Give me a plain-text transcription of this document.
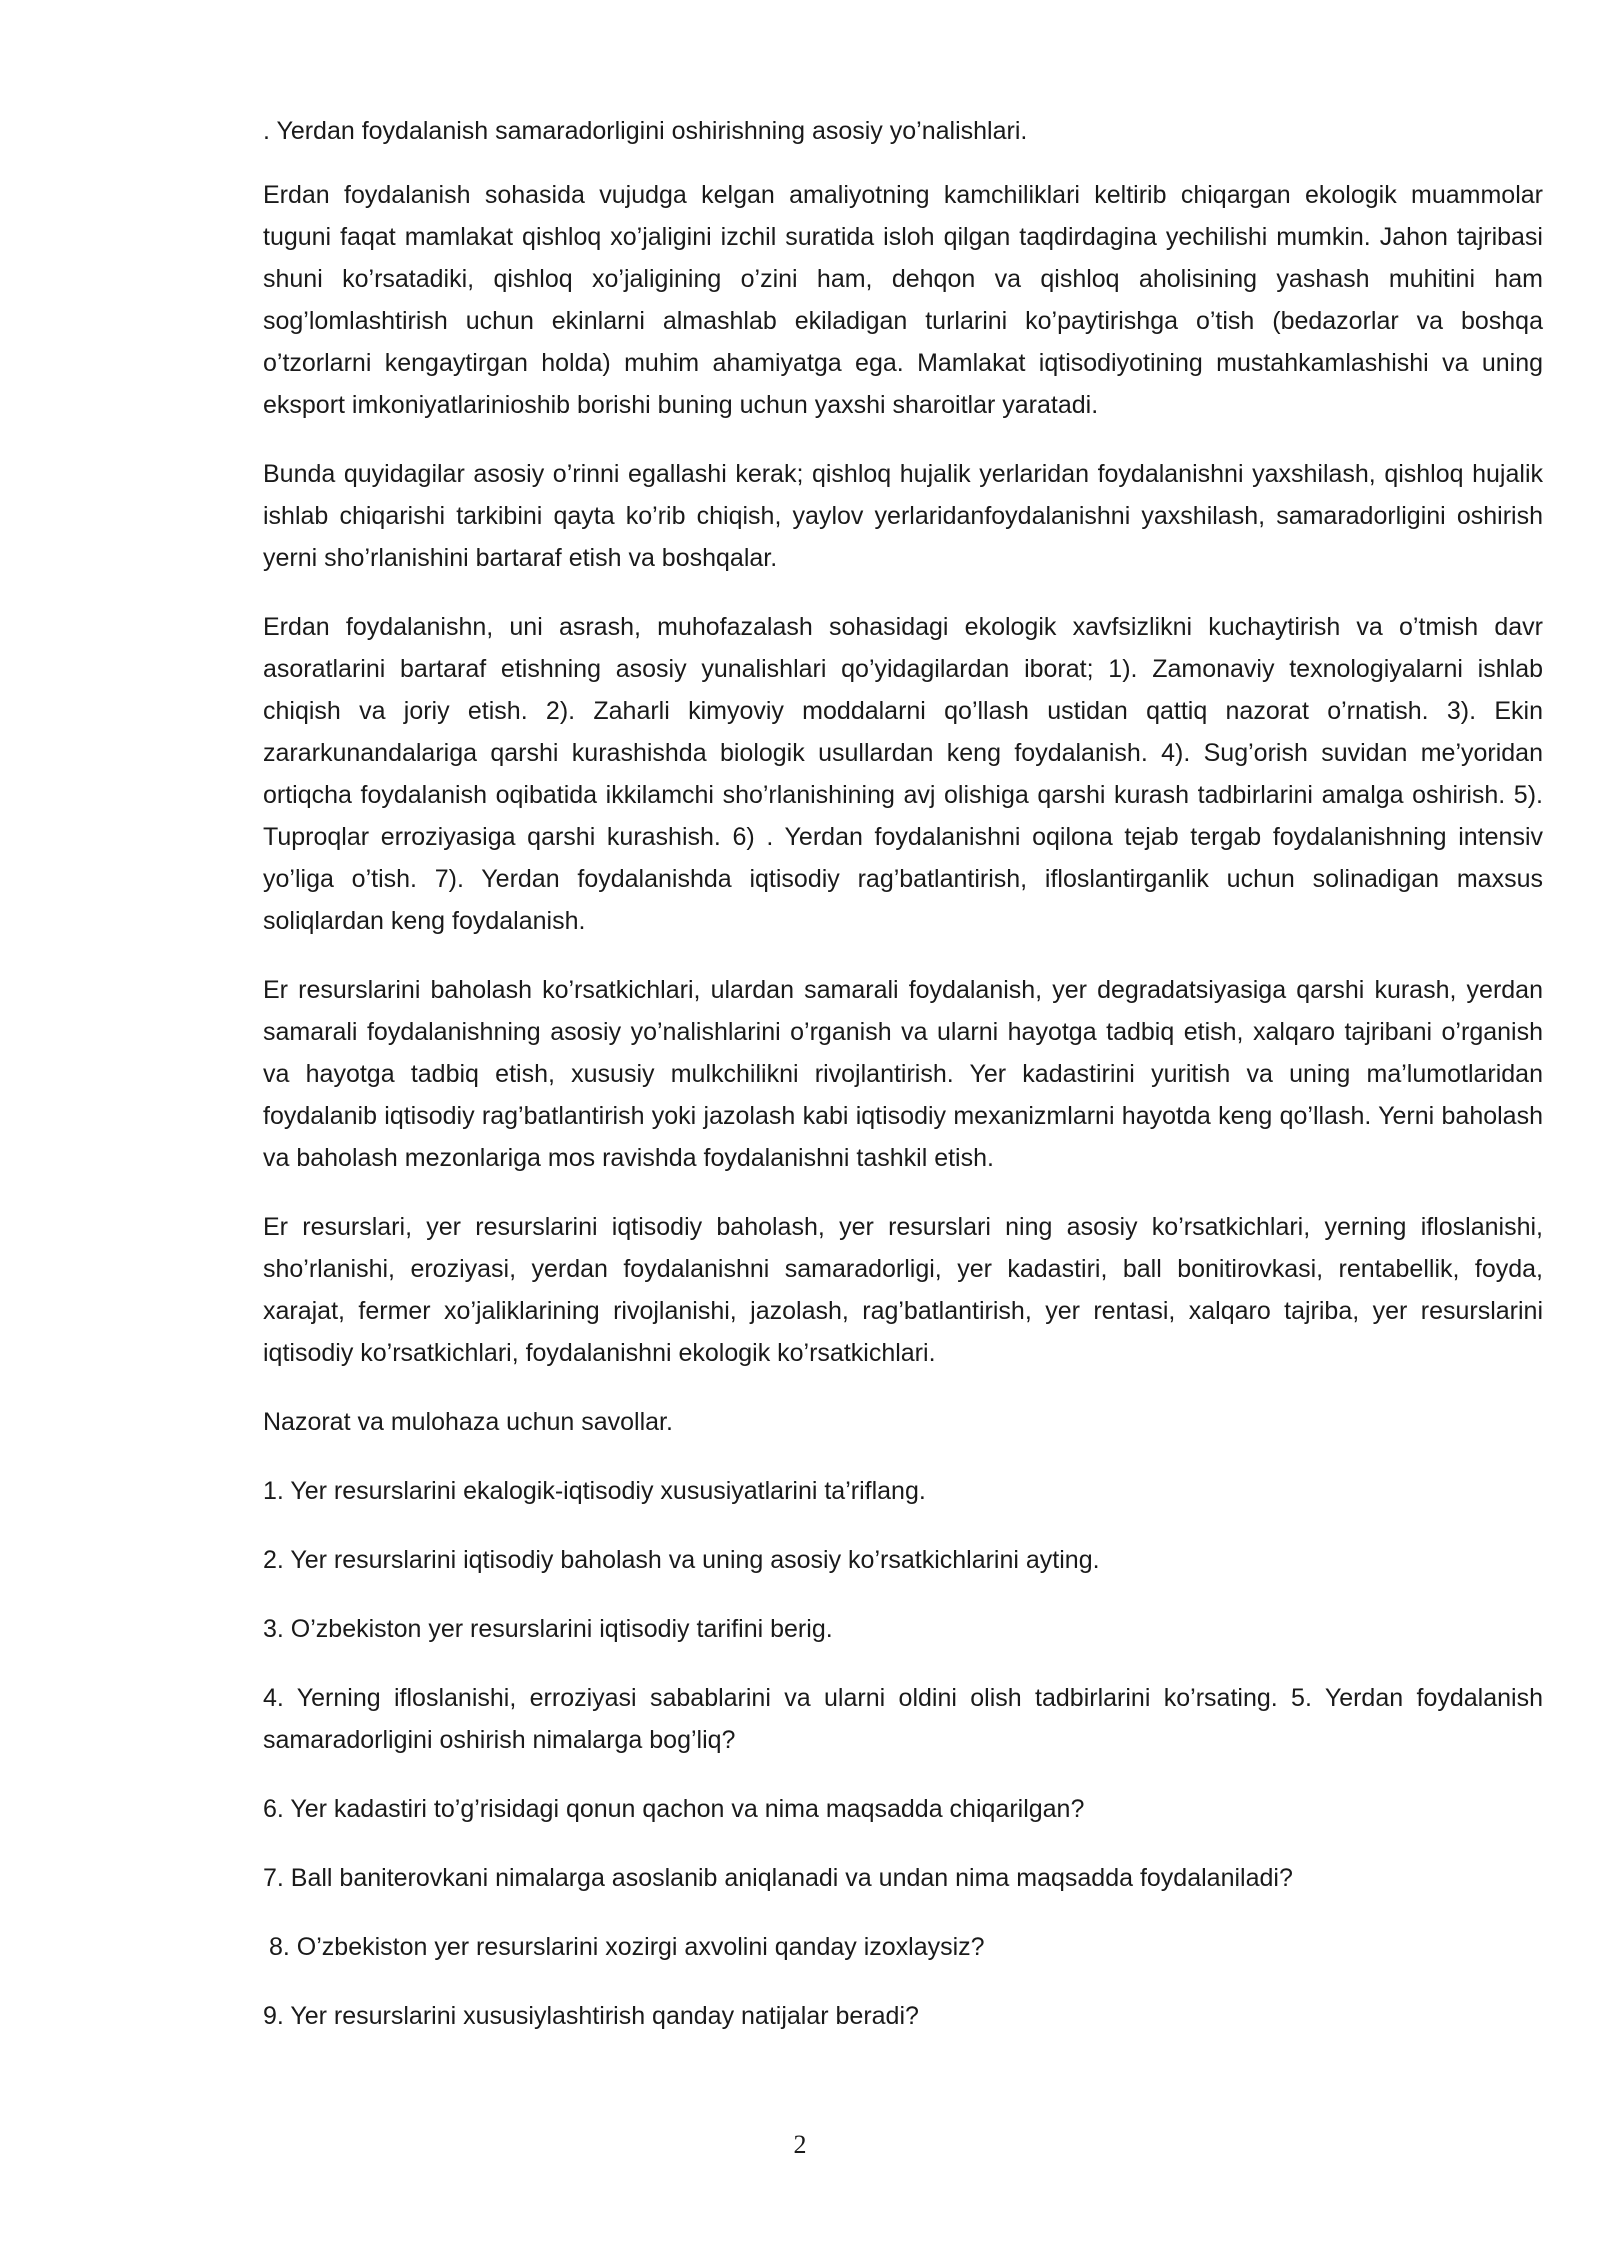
. Yerdan foydalanish samaradorligini oshirishning asosiy yo’nalishlari.

Erdan foydalanish sohasida vujudga kelgan amaliyotning kamchiliklari keltirib chiqargan ekologik muammolar tuguni faqat mamlakat qishloq xo’jaligini izchil suratida isloh qilgan taqdirdagina yechilishi mumkin. Jahon tajribasi shuni ko’rsatadiki, qishloq xo’jaligining o’zini ham, dehqon va qishloq aholisining yashash muhitini ham sog’lomlashtirish uchun ekinlarni almashlab ekiladigan turlarini ko’paytirishga o’tish (bedazorlar va boshqa o’tzorlarni kengaytirgan holda) muhim ahamiyatga ega. Mamlakat iqtisodiyotining mustahkamlashishi va uning eksport imkoniyatlarinioshib borishi buning uchun yaxshi sharoitlar yaratadi.

Bunda quyidagilar asosiy o’rinni egallashi kerak; qishloq hujalik yerlaridan foydalanishni yaxshilash, qishloq hujalik ishlab chiqarishi tarkibini qayta ko’rib chiqish, yaylov yerlaridanfoydalanishni yaxshilash, samaradorligini oshirish yerni sho’rlanishini bartaraf etish va boshqalar.

Erdan foydalanishn, uni asrash, muhofazalash sohasidagi ekologik xavfsizlikni kuchaytirish va o’tmish davr asoratlarini bartaraf etishning asosiy yunalishlari qo’yidagilardan iborat; 1). Zamonaviy texnologiyalarni ishlab chiqish va joriy etish. 2). Zaharli kimyoviy moddalarni qo’llash ustidan qattiq nazorat o’rnatish. 3). Ekin zararkunandalariga qarshi kurashishda biologik usullardan keng foydalanish. 4). Sug’orish suvidan me’yoridan ortiqcha foydalanish oqibatida ikkilamchi sho’rlanishining avj olishiga qarshi kurash tadbirlarini amalga oshirish. 5). Tuproqlar erroziyasiga qarshi kurashish. 6) . Yerdan foydalanishni oqilona tejab tergab foydalanishning intensiv yo’liga o’tish. 7). Yerdan foydalanishda iqtisodiy rag’batlantirish, ifloslantirganlik uchun solinadigan maxsus soliqlardan keng foydalanish.

Er resurslarini baholash ko’rsatkichlari, ulardan samarali foydalanish, yer degradatsiyasiga qarshi kurash, yerdan samarali foydalanishning asosiy yo’nalishlarini o’rganish va ularni hayotga tadbiq etish, xalqaro tajribani o’rganish va hayotga tadbiq etish, xususiy mulkchilikni rivojlantirish. Yer kadastirini yuritish va uning ma’lumotlaridan foydalanib iqtisodiy rag’batlantirish yoki jazolash kabi iqtisodiy mexanizmlarni hayotda keng qo’llash. Yerni baholash va baholash mezonlariga mos ravishda foydalanishni tashkil etish.

Er resurslari, yer resurslarini iqtisodiy baholash, yer resurslari ning asosiy ko’rsatkichlari, yerning ifloslanishi, sho’rlanishi, eroziyasi, yerdan foydalanishni samaradorligi, yer kadastiri, ball bonitirovkasi, rentabellik, foyda, xarajat, fermer xo’jaliklarining rivojlanishi, jazolash, rag’batlantirish, yer rentasi, xalqaro tajriba, yer resurslarini iqtisodiy ko’rsatkichlari, foydalanishni ekologik ko’rsatkichlari.

Nazorat va mulohaza uchun savollar.

1. Yer resurslarini ekalogik-iqtisodiy xususiyatlarini ta’riflang.

2. Yer resurslarini iqtisodiy baholash va uning asosiy ko’rsatkichlarini ayting.

3. O’zbekiston yer resurslarini iqtisodiy tarifini berig.

4. Yerning ifloslanishi, erroziyasi sabablarini va ularni oldini olish tadbirlarini ko’rsating. 5. Yerdan foydalanish samaradorligini oshirish nimalarga bog’liq?

6. Yer kadastiri to’g’risidagi qonun qachon va nima maqsadda chiqarilgan?

7. Ball baniterovkani nimalarga asoslanib aniqlanadi va undan nima maqsadda foydalaniladi?

8. O’zbekiston yer resurslarini xozirgi axvolini qanday izoxlaysiz?

9. Yer resurslarini xususiylashtirish qanday natijalar beradi?

2
